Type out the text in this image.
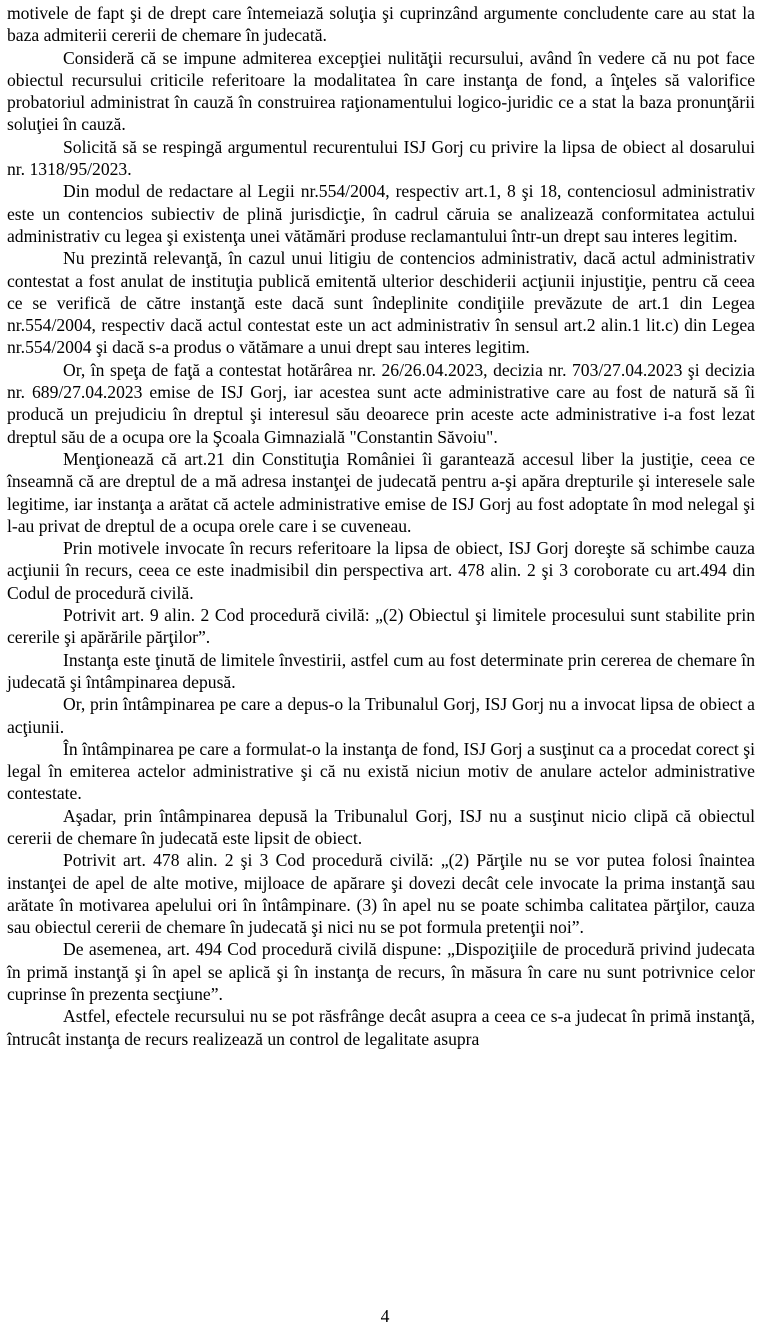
motivele de fapt şi de drept care întemeiază soluţia şi cuprinzând argumente concludente care au stat la baza admiterii cererii de chemare în judecată.

Consideră că se impune admiterea excepţiei nulităţii recursului, având în vedere că nu pot face obiectul recursului criticile referitoare la modalitatea în care instanţa de fond, a înţeles să valorifice probatoriul administrat în cauză în construirea raţionamentului logico-juridic ce a stat la baza pronunţării soluţiei în cauză.

Solicită să se respingă argumentul recurentului ISJ Gorj cu privire la lipsa de obiect al dosarului nr. 1318/95/2023.

Din modul de redactare al Legii nr.554/2004, respectiv art.1, 8 şi 18, contenciosul administrativ este un contencios subiectiv de plină jurisdicţie, în cadrul căruia se analizează conformitatea actului administrativ cu legea şi existenţa unei vătămări produse reclamantului într-un drept sau interes legitim.

Nu prezintă relevanţă, în cazul unui litigiu de contencios administrativ, dacă actul administrativ contestat a fost anulat de instituţia publică emitentă ulterior deschiderii acţiunii injustiţie, pentru că ceea ce se verifică de către instanţă este dacă sunt îndeplinite condiţiile prevăzute de art.1 din Legea nr.554/2004, respectiv dacă actul contestat este un act administrativ în sensul art.2 alin.1 lit.c) din Legea nr.554/2004 şi dacă s-a produs o vătămare a unui drept sau interes legitim.

Or, în speţa de faţă a contestat hotărârea nr. 26/26.04.2023, decizia nr. 703/27.04.2023 şi decizia nr. 689/27.04.2023 emise de ISJ Gorj, iar acestea sunt acte administrative care au fost de natură să îi producă un prejudiciu în dreptul şi interesul său deoarece prin aceste acte administrative i-a fost lezat dreptul său de a ocupa ore la Şcoala Gimnazială "Constantin Săvoiu".

Menţionează că art.21 din Constituţia României îi garantează accesul liber la justiţie, ceea ce înseamnă că are dreptul de a mă adresa instanţei de judecată pentru a-şi apăra drepturile şi interesele sale legitime, iar instanţa a arătat că actele administrative emise de ISJ Gorj au fost adoptate în mod nelegal şi l-au privat de dreptul de a ocupa orele care i se cuveneau.

Prin motivele invocate în recurs referitoare la lipsa de obiect, ISJ Gorj doreşte să schimbe cauza acţiunii în recurs, ceea ce este inadmisibil din perspectiva art. 478 alin. 2 şi 3 coroborate cu art.494 din Codul de procedură civilă.

Potrivit art. 9 alin. 2 Cod procedură civilă: „(2) Obiectul şi limitele procesului sunt stabilite prin cererile şi apărările părţilor”.

Instanţa este ţinută de limitele învestirii, astfel cum au fost determinate prin cererea de chemare în judecată şi întâmpinarea depusă.

Or, prin întâmpinarea pe care a depus-o la Tribunalul Gorj, ISJ Gorj nu a invocat lipsa de obiect a acţiunii.

În întâmpinarea pe care a formulat-o la instanţa de fond, ISJ Gorj a susţinut ca a procedat corect şi legal în emiterea actelor administrative şi că nu există niciun motiv de anulare actelor administrative contestate.

Aşadar, prin întâmpinarea depusă la Tribunalul Gorj, ISJ nu a susţinut nicio clipă că obiectul cererii de chemare în judecată este lipsit de obiect.

Potrivit art. 478 alin. 2 şi 3 Cod procedură civilă: „(2) Părţile nu se vor putea folosi înaintea instanţei de apel de alte motive, mijloace de apărare şi dovezi decât cele invocate la prima instanţă sau arătate în motivarea apelului ori în întâmpinare. (3) în apel nu se poate schimba calitatea părţilor, cauza sau obiectul cererii de chemare în judecată şi nici nu se pot formula pretenţii noi”.

De asemenea, art. 494 Cod procedură civilă dispune: „Dispoziţiile de procedură privind judecata în primă instanţă şi în apel se aplică şi în instanţa de recurs, în măsura în care nu sunt potrivnice celor cuprinse în prezenta secţiune”.

Astfel, efectele recursului nu se pot răsfrânge decât asupra a ceea ce s-a judecat în primă instanţă, întrucât instanţa de recurs realizează un control de legalitate asupra

4
